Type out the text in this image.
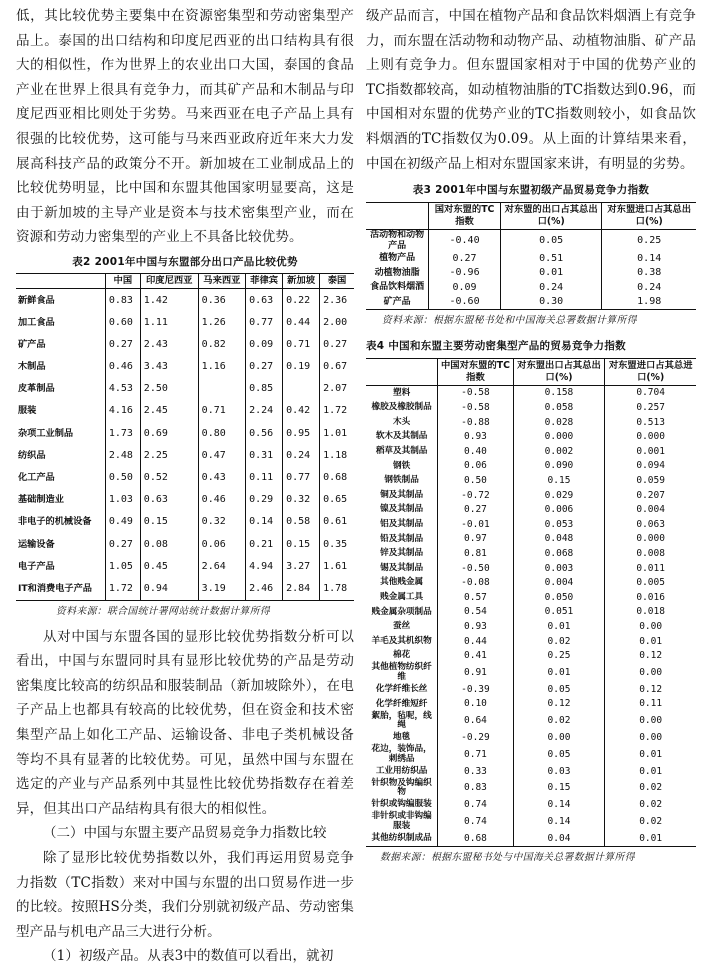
低，其比较优势主要集中在资源密集型和劳动密集型产品上。泰国的出口结构和印度尼西亚的出口结构具有很大的相似性，作为世界上的农业出口大国，泰国的食品产业在世界上很具有竞争力，而其矿产品和木制品与印度尼西亚相比则处于劣势。马来西亚在电子产品上具有很强的比较优势，这可能与马来西亚政府近年来大力发展高科技产品的政策分不开。新加坡在工业制成品上的比较优势明显，比中国和东盟其他国家明显要高，这是由于新加坡的主导产业是资本与技术密集型产业，而在资源和劳动力密集型的产业上不具备比较优势。

表2 2001年中国与东盟部分出口产品比较优势

	中国	印度尼西亚	马来西亚	菲律宾	新加坡	泰国
新鲜食品	0.83	1.42	0.36	0.63	0.22	2.36
加工食品	0.60	1.11	1.26	0.77	0.44	2.00
矿产品	0.27	2.43	0.82	0.09	0.71	0.27
木制品	0.46	3.43	1.16	0.27	0.19	0.67
皮革制品	4.53	2.50		0.85		2.07
服装	4.16	2.45	0.71	2.24	0.42	1.72
杂项工业制品	1.73	0.69	0.80	0.56	0.95	1.01
纺织品	2.48	2.25	0.47	0.31	0.24	1.18
化工产品	0.50	0.52	0.43	0.11	0.77	0.68
基础制造业	1.03	0.63	0.46	0.29	0.32	0.65
非电子的机械设备	0.49	0.15	0.32	0.14	0.58	0.61
运输设备	0.27	0.08	0.06	0.21	0.15	0.35
电子产品	1.05	0.45	2.64	4.94	3.27	1.61
IT和消费电子产品	1.72	0.94	3.19	2.46	2.84	1.78

资料来源：联合国统计署网站统计数据计算所得

从对中国与东盟各国的显形比较优势指数分析可以看出，中国与东盟同时具有显形比较优势的产品是劳动密集度比较高的纺织品和服装制品（新加坡除外），在电子产品上也都具有较高的比较优势，但在资金和技术密集型产品上如化工产品、运输设备、非电子类机械设备等均不具有显著的比较优势。可见，虽然中国与东盟在选定的产业与产品系列中其显性比较优势指数存在着差异，但其出口产品结构具有很大的相似性。

（二）中国与东盟主要产品贸易竞争力指数比较

除了显形比较优势指数以外，我们再运用贸易竞争力指数（TC指数）来对中国与东盟的出口贸易作进一步的比较。按照HS分类，我们分别就初级产品、劳动密集型产品与机电产品三大进行分析。

（1）初级产品。从表3中的数值可以看出，就初

级产品而言，中国在植物产品和食品饮料烟酒上有竞争力，而东盟在活动物和动物产品、动植物油脂、矿产品上则有竞争力。但东盟国家相对于中国的优势产业的TC指数都较高，如动植物油脂的TC指数达到0.96，而中国相对东盟的优势产业的TC指数则较小，如食品饮料烟酒的TC指数仅为0.09。从上面的计算结果来看，中国在初级产品上相对东盟国家来讲，有明显的劣势。

表3 2001年中国与东盟初级产品贸易竞争力指数

	国对东盟的TC指数	对东盟的出口占其总出口(%)	对东盟进口占其总出口(%)
活动物和动物产品	-0.40	0.05	0.25
植物产品	0.27	0.51	0.14
动植物油脂	-0.96	0.01	0.38
食品饮料烟酒	0.09	0.24	0.24
矿产品	-0.60	0.30	1.98

资料来源：根据东盟秘书处和中国海关总署数据计算所得

表4 中国和东盟主要劳动密集型产品的贸易竞争力指数

	中国对东盟的TC指数	对东盟出口占其总出口(%)	对东盟进口占其总进口(%)
塑料	-0.58	0.158	0.704
橡胶及橡胶制品	-0.58	0.058	0.257
木头	-0.88	0.028	0.513
软木及其制品	0.93	0.000	0.000
稻草及其制品	0.40	0.002	0.001
钢铁	0.06	0.090	0.094
钢铁制品	0.50	0.15	0.059
铜及其制品	-0.72	0.029	0.207
镍及其制品	0.27	0.006	0.004
铝及其制品	-0.01	0.053	0.063
铅及其制品	0.97	0.048	0.000
锌及其制品	0.81	0.068	0.008
锡及其制品	-0.50	0.003	0.011
其他贱金属	-0.08	0.004	0.005
贱金属工具	0.57	0.050	0.016
贱金属杂项制品	0.54	0.051	0.018
蚕丝	0.93	0.01	0.00
羊毛及其机织物	0.44	0.02	0.01
棉花	0.41	0.25	0.12
其他植物纺织纤维	0.91	0.01	0.00
化学纤维长丝	-0.39	0.05	0.12
化学纤维短纤	0.10	0.12	0.11
絮胎，毡呢，线绳	0.64	0.02	0.00
地毯	-0.29	0.00	0.00
花边，装饰品，刺绣品	0.71	0.05	0.01
工业用纺织品	0.33	0.03	0.01
针织物及钩编织物	0.83	0.15	0.02
针织或钩编服装	0.74	0.14	0.02
非针织或非钩编服装	0.74	0.14	0.02
其他纺织制成品	0.68	0.04	0.01

数据来源：根据东盟秘书处与中国海关总署数据计算所得
